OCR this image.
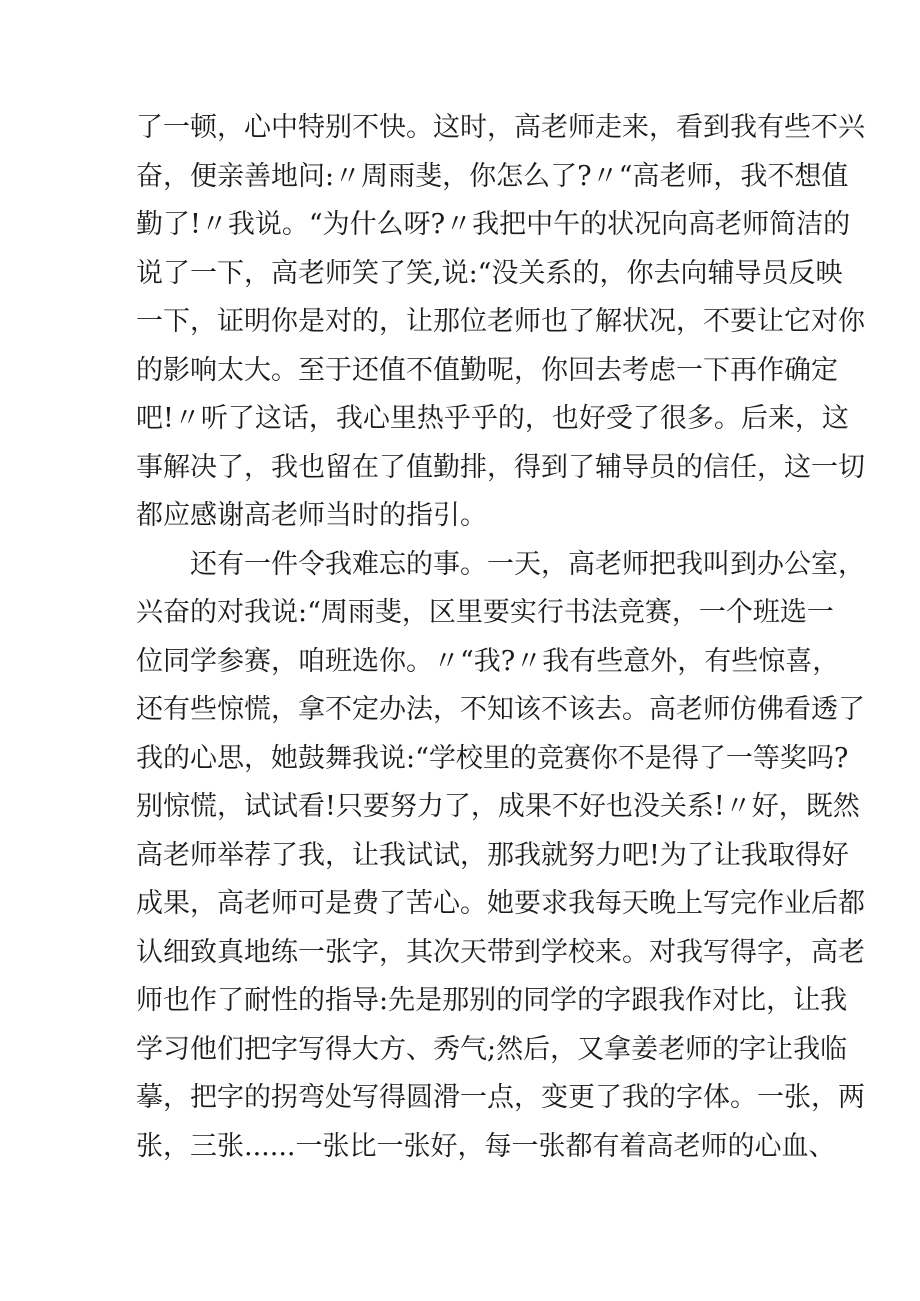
了一顿，心中特别不快。这时，高老师走来，看到我有些不兴
奋，便亲善地问:〃周雨斐，你怎么了?〃“高老师，我不想值
勤了!〃我说。“为什么呀?〃我把中午的状况向高老师简洁的
说了一下，高老师笑了笑,说:“没关系的，你去向辅导员反映
一下，证明你是对的，让那位老师也了解状况，不要让它对你
的影响太大。至于还值不值勤呢，你回去考虑一下再作确定
吧!〃听了这话，我心里热乎乎的，也好受了很多。后来，这
事解决了，我也留在了值勤排，得到了辅导员的信任，这一切
都应感谢高老师当时的指引。
还有一件令我难忘的事。一天，高老师把我叫到办公室，
兴奋的对我说:“周雨斐，区里要实行书法竞赛，一个班选一
位同学参赛，咱班选你。〃“我?〃我有些意外，有些惊喜，
还有些惊慌，拿不定办法，不知该不该去。高老师仿佛看透了
我的心思，她鼓舞我说:“学校里的竞赛你不是得了一等奖吗?
别惊慌，试试看!只要努力了，成果不好也没关系!〃好，既然
高老师举荐了我，让我试试，那我就努力吧!为了让我取得好
成果，高老师可是费了苦心。她要求我每天晚上写完作业后都
认细致真地练一张字，其次天带到学校来。对我写得字，高老
师也作了耐性的指导:先是那别的同学的字跟我作对比，让我
学习他们把字写得大方、秀气;然后，又拿姜老师的字让我临
摹，把字的拐弯处写得圆滑一点，变更了我的字体。一张，两
张，三张......一张比一张好，每一张都有着高老师的心血、
